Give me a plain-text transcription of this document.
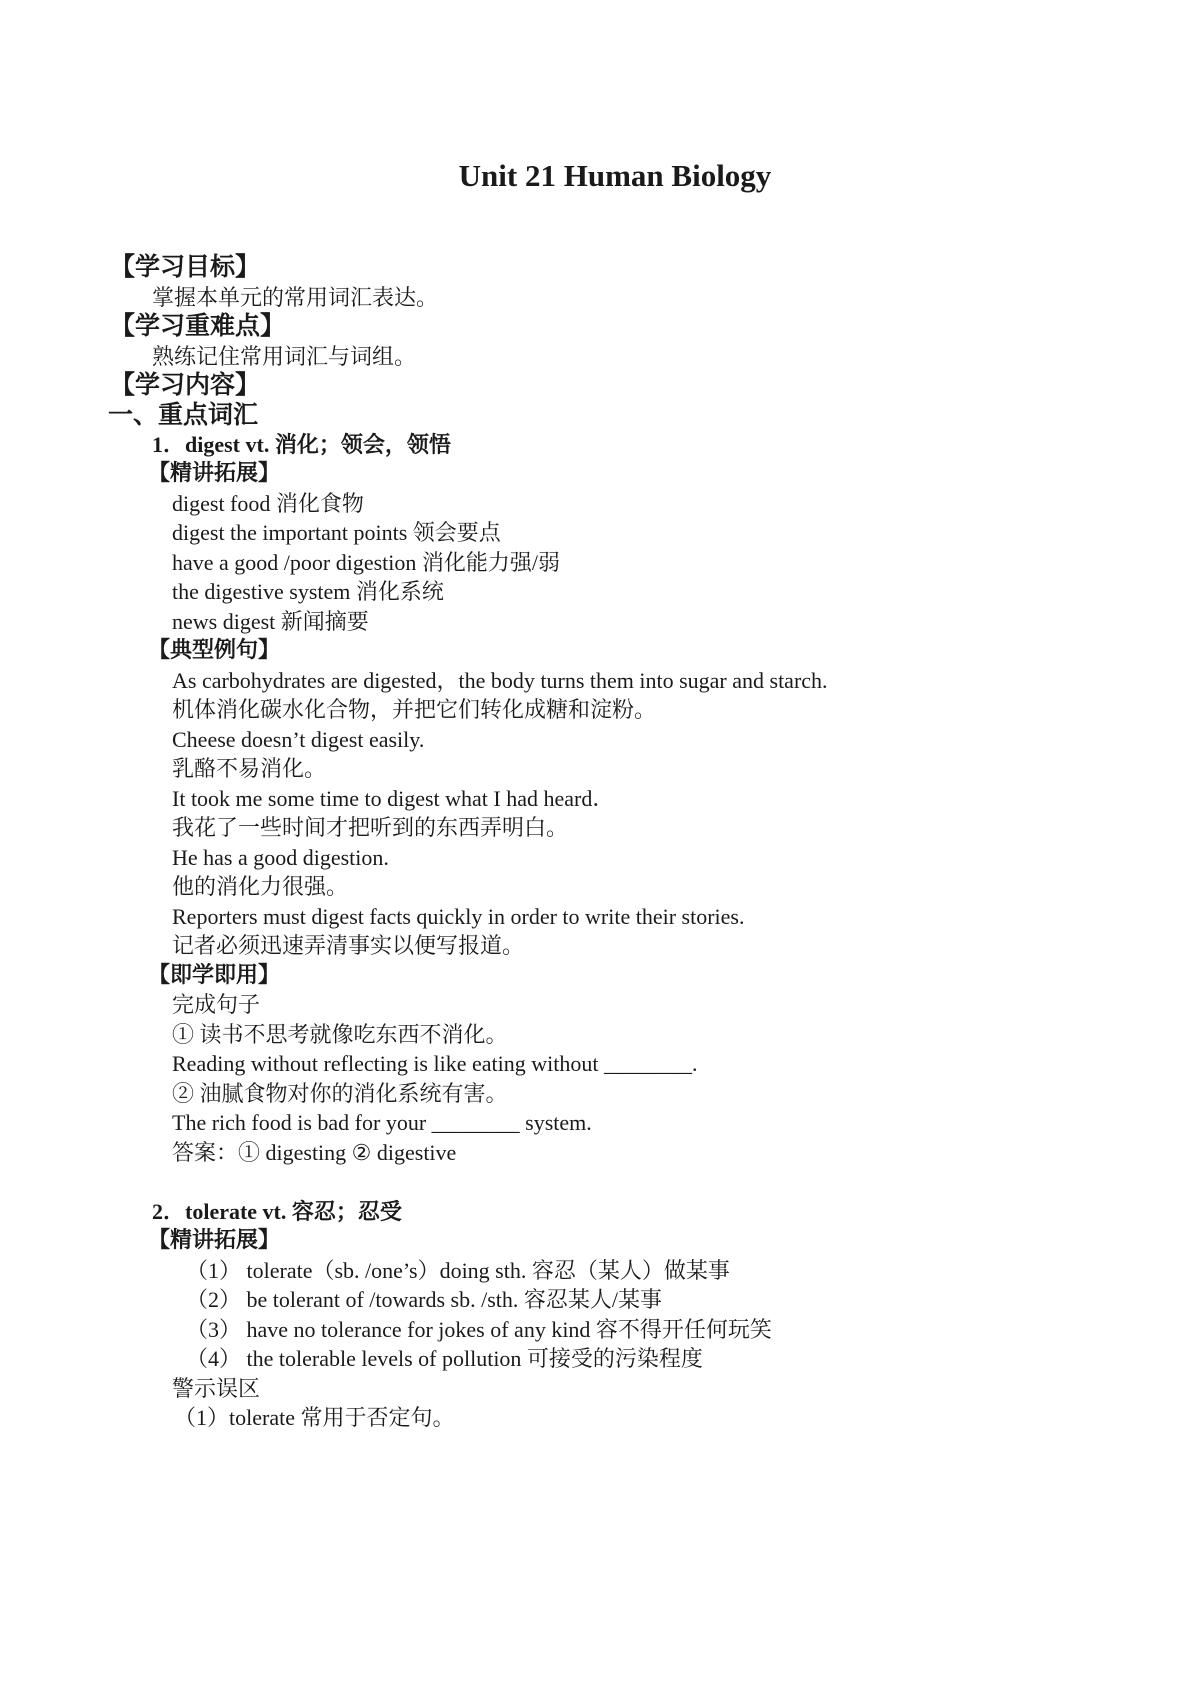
Unit 21 Human Biology
【学习目标】
掌握本单元的常用词汇表达。
【学习重难点】
熟练记住常用词汇与词组。
【学习内容】
一、重点词汇
1．digest vt. 消化；领会，领悟
【精讲拓展】
digest food 消化食物
digest the important points 领会要点
have a good /poor digestion 消化能力强/弱
the digestive system 消化系统
news digest 新闻摘要
【典型例句】
As carbohydrates are digested，the body turns them into sugar and starch.
机体消化碳水化合物，并把它们转化成糖和淀粉。
Cheese doesn’t digest easily.
乳酪不易消化。
It took me some time to digest what I had heard．
我花了一些时间才把听到的东西弄明白。
He has a good digestion.
他的消化力很强。
Reporters must digest facts quickly in order to write their stories.
记者必须迅速弄清事实以便写报道。
【即学即用】
完成句子
① 读书不思考就像吃东西不消化。
Reading without reflecting is like eating without ________.
② 油腻食物对你的消化系统有害。
The rich food is bad for your ________ system.
答案：① digesting ② digestive
2．tolerate vt. 容忍；忍受
【精讲拓展】
（1） tolerate（sb. /one’s）doing sth. 容忍（某人）做某事
（2） be tolerant of /towards sb. /sth. 容忍某人/某事
（3） have no tolerance for jokes of any kind 容不得开任何玩笑
（4） the tolerable levels of pollution 可接受的污染程度
警示误区
（1）tolerate 常用于否定句。
